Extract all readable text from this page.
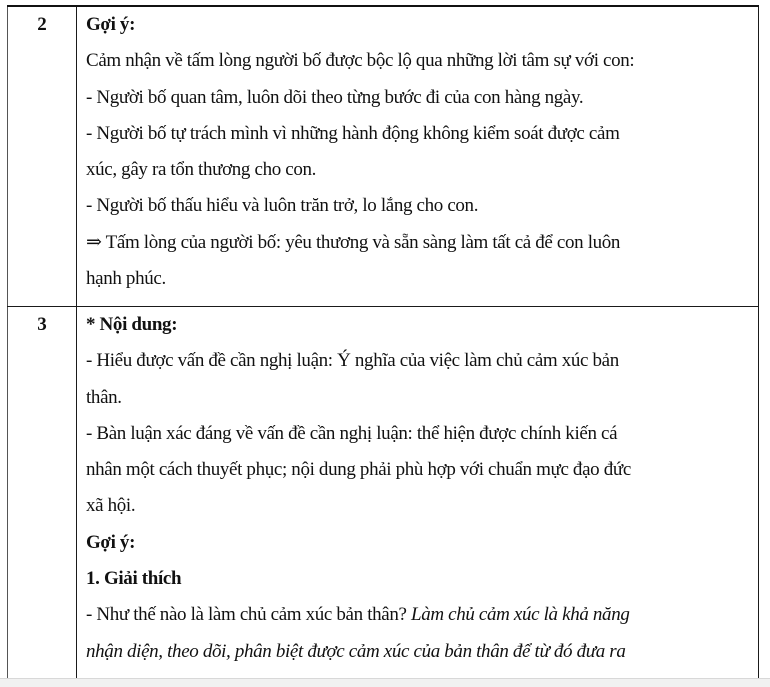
2	Gợi ý:
Cảm nhận về tấm lòng người bố được bộc lộ qua những lời tâm sự với con:
- Người bố quan tâm, luôn dõi theo từng bước đi của con hàng ngày.
- Người bố tự trách mình vì những hành động không kiểm soát được cảm
xúc, gây ra tổn thương cho con.
- Người bố thấu hiểu và luôn trăn trở, lo lắng cho con.
⇒ Tấm lòng của người bố: yêu thương và sẵn sàng làm tất cả để con luôn
hạnh phúc.

3	* Nội dung:
- Hiểu được vấn đề cần nghị luận: Ý nghĩa của việc làm chủ cảm xúc bản
thân.
- Bàn luận xác đáng về vấn đề cần nghị luận: thể hiện được chính kiến cá
nhân một cách thuyết phục; nội dung phải phù hợp với chuẩn mực đạo đức
xã hội.
Gợi ý:
1. Giải thích
- Như thế nào là làm chủ cảm xúc bản thân? Làm chủ cảm xúc là khả năng
nhận diện, theo dõi, phân biệt được cảm xúc của bản thân để từ đó đưa ra
